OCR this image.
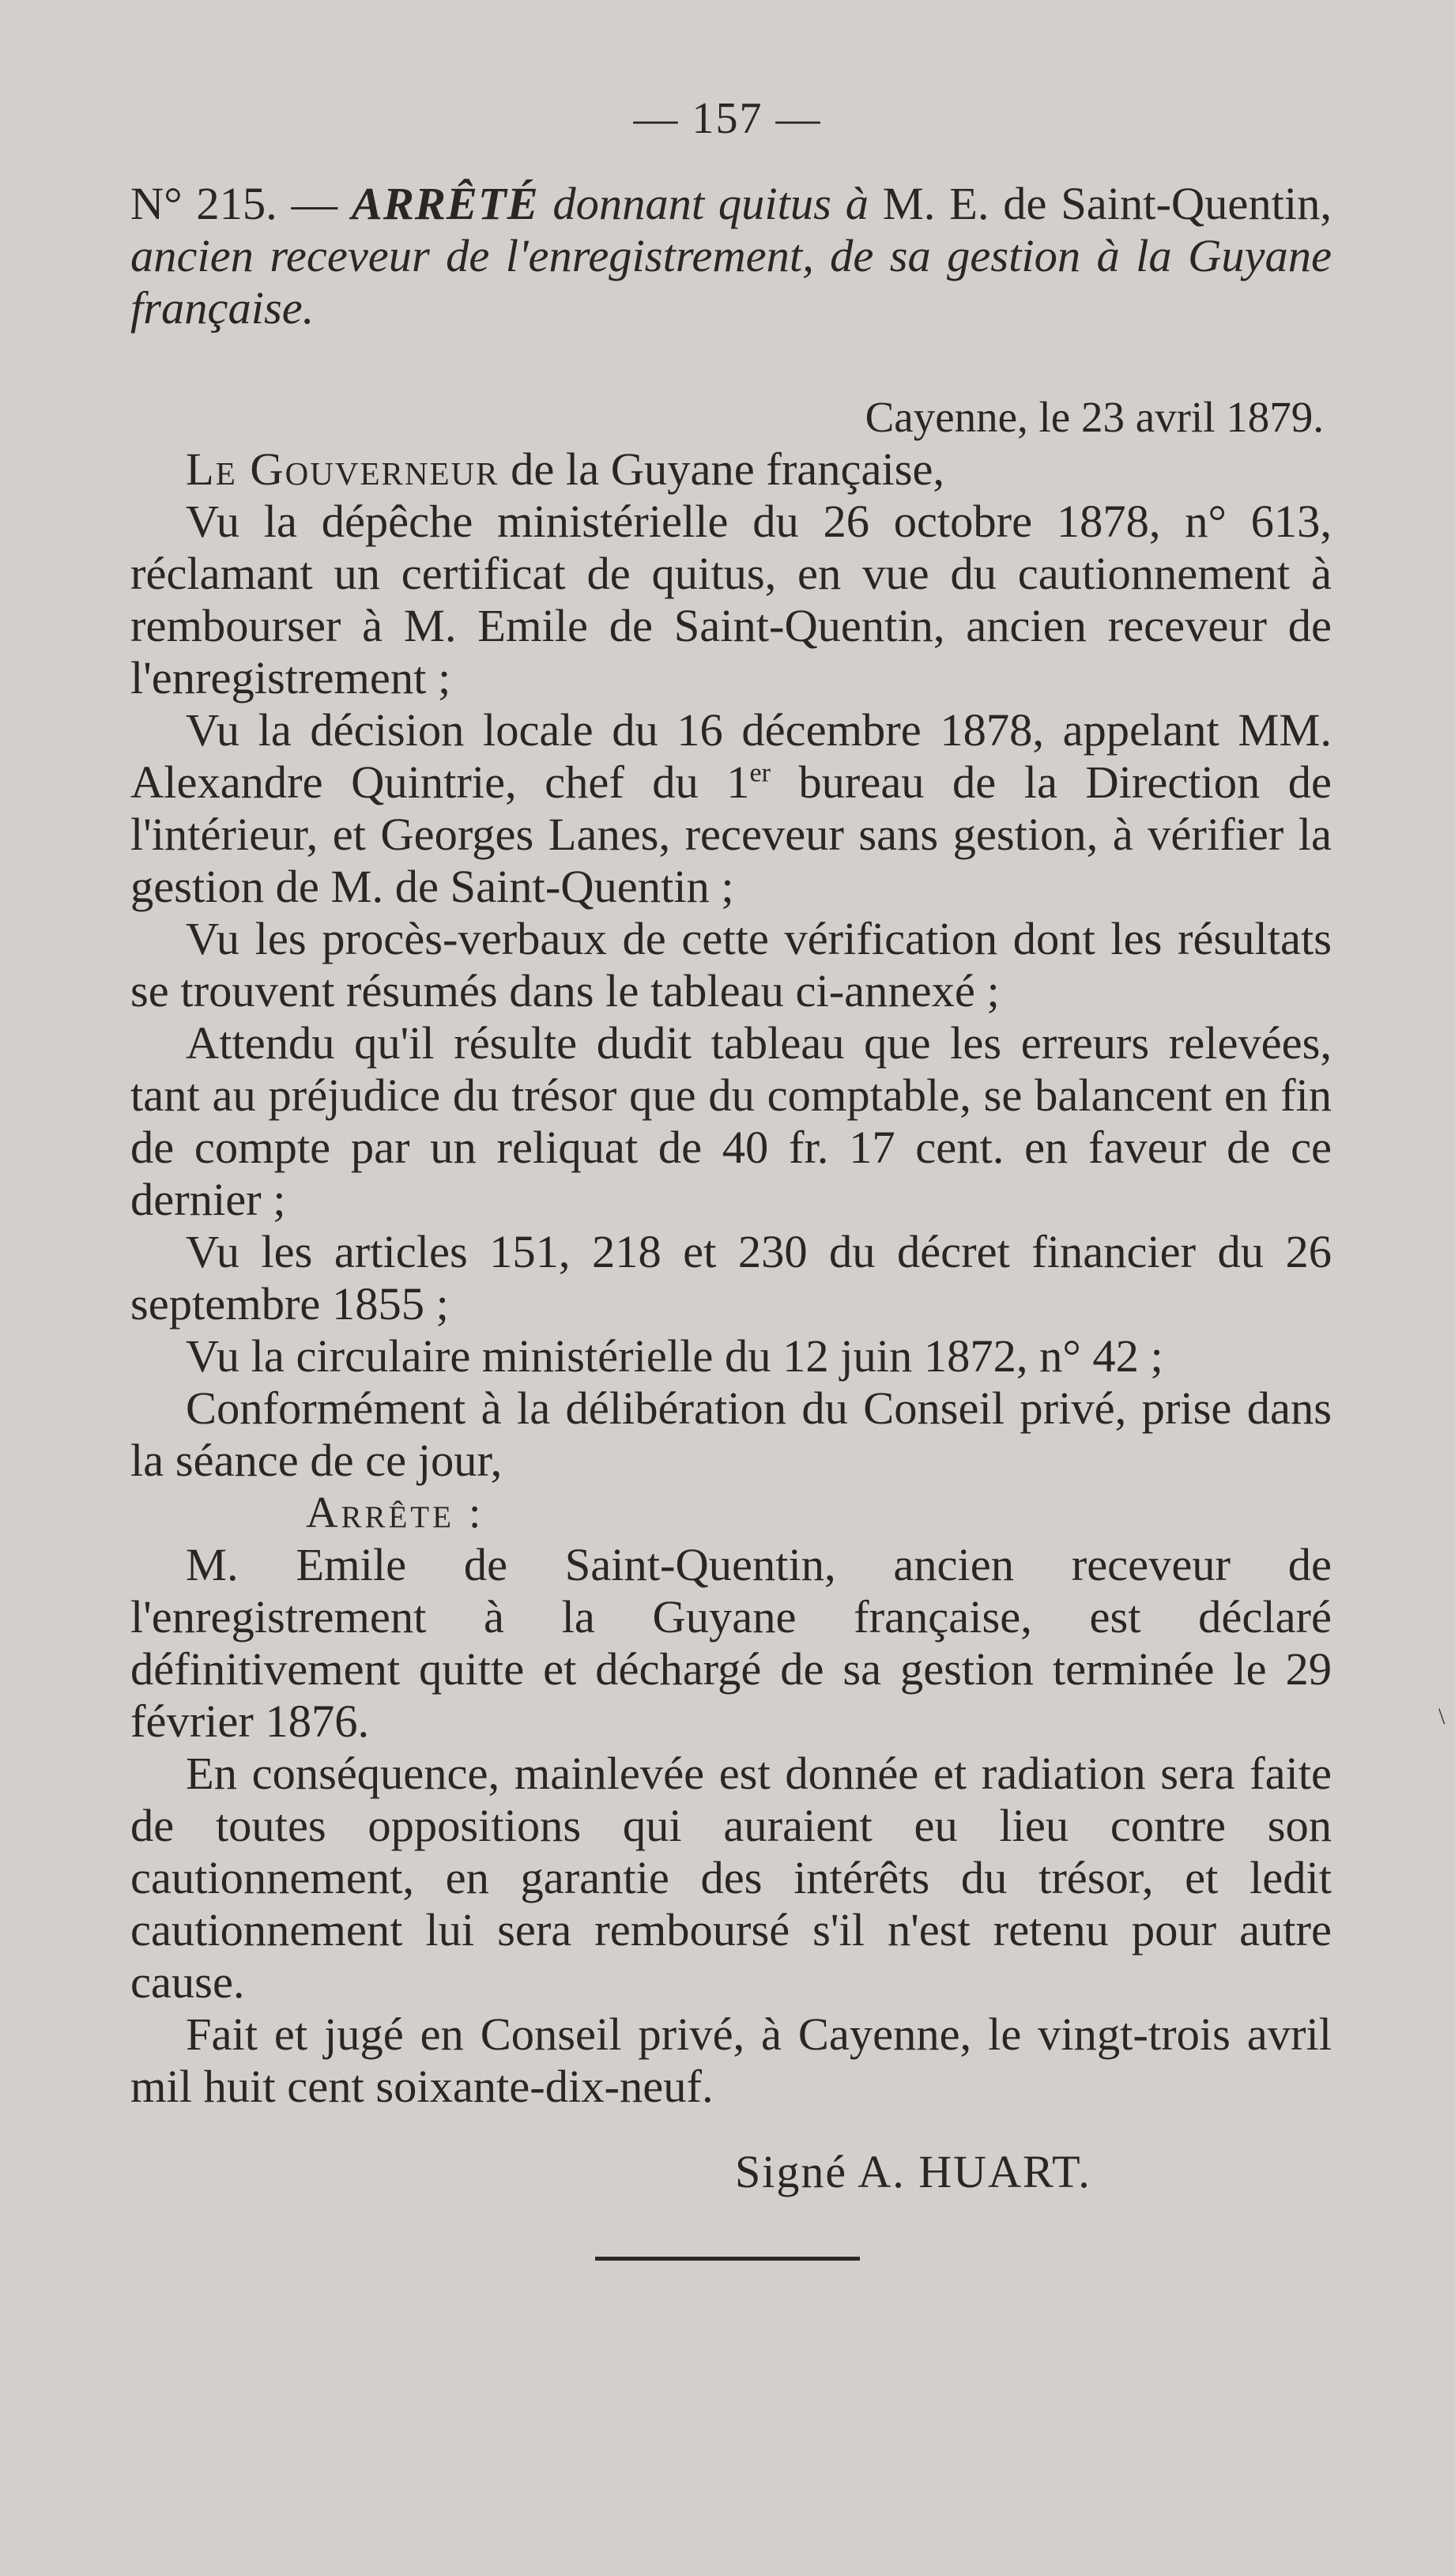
— 157 —

N° 215. — ARRÊTÉ donnant quitus à M. E. de Saint-Quentin, ancien receveur de l'enregistrement, de sa gestion à la Guyane française.

Cayenne, le 23 avril 1879.

Le Gouverneur de la Guyane française,

Vu la dépêche ministérielle du 26 octobre 1878, n° 613, réclamant un certificat de quitus, en vue du cautionnement à rembourser à M. Emile de Saint-Quentin, ancien receveur de l'enregistrement ;

Vu la décision locale du 16 décembre 1878, appelant MM. Alexandre Quintrie, chef du 1er bureau de la Direction de l'intérieur, et Georges Lanes, receveur sans gestion, à vérifier la gestion de M. de Saint-Quentin ;

Vu les procès-verbaux de cette vérification dont les résultats se trouvent résumés dans le tableau ci-annexé ;

Attendu qu'il résulte dudit tableau que les erreurs relevées, tant au préjudice du trésor que du comptable, se balancent en fin de compte par un reliquat de 40 fr. 17 cent. en faveur de ce dernier ;

Vu les articles 151, 218 et 230 du décret financier du 26 septembre 1855 ;

Vu la circulaire ministérielle du 12 juin 1872, n° 42 ;

Conformément à la délibération du Conseil privé, prise dans la séance de ce jour,

Arrête :

M. Emile de Saint-Quentin, ancien receveur de l'enregistrement à la Guyane française, est déclaré définitivement quitte et déchargé de sa gestion terminée le 29 février 1876.

En conséquence, mainlevée est donnée et radiation sera faite de toutes oppositions qui auraient eu lieu contre son cautionnement, en garantie des intérêts du trésor, et ledit cautionnement lui sera remboursé s'il n'est retenu pour autre cause.

Fait et jugé en Conseil privé, à Cayenne, le vingt-trois avril mil huit cent soixante-dix-neuf.

Signé A. HUART.
\
